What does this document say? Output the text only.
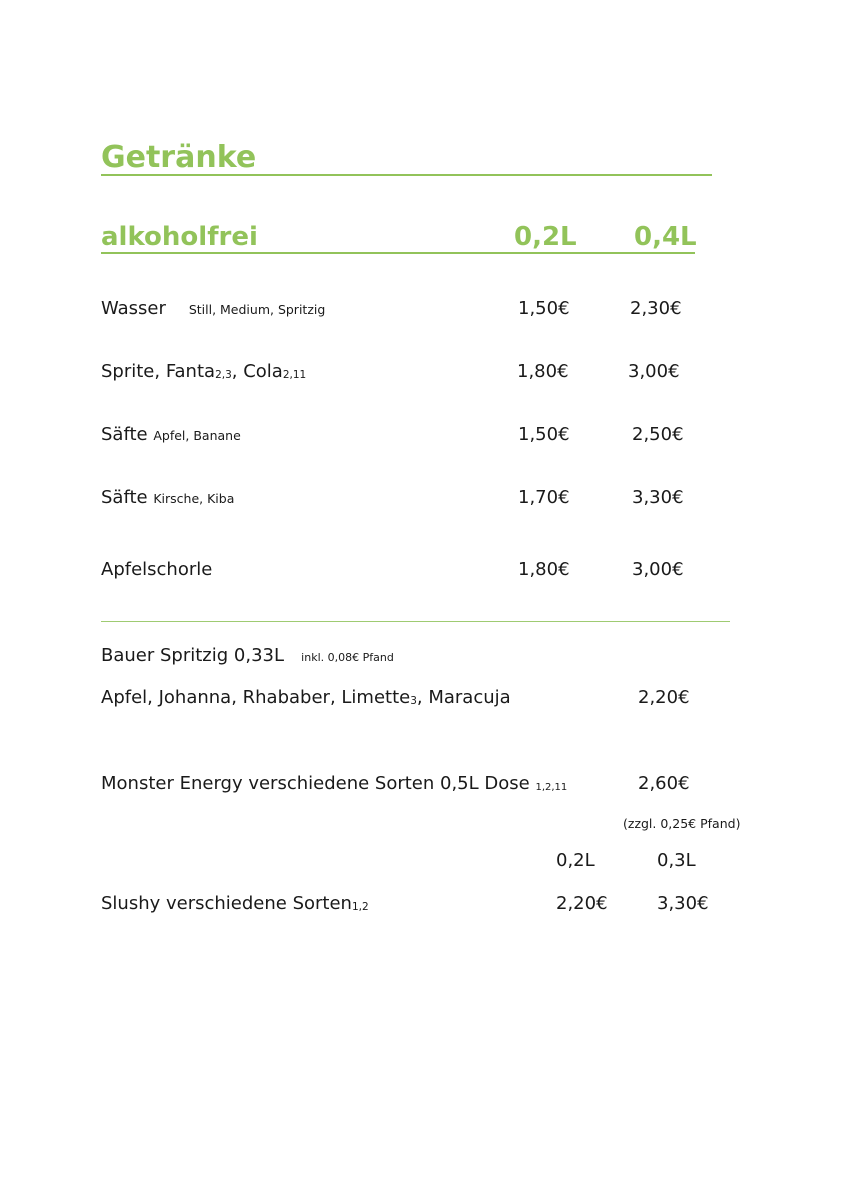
Getränke
alkoholfrei	0,2L 0,4L
Wasser Still, Medium, Spritzig	1,50€	2,30€
Sprite, Fanta2,3, Cola2,11	1,80€	3,00€
Säfte Apfel, Banane	1,50€	2,50€
Säfte Kirsche, Kiba	1,70€	3,30€
Apfelschorle	1,80€	3,00€
Bauer Spritzig 0,33L inkl. 0,08€ Pfand
Apfel, Johanna, Rhababer, Limette3, Maracuja	2,20€
Monster Energy verschiedene Sorten 0,5L Dose 1,2,11	2,60€
(zzgl. 0,25€ Pfand)
0,2L	0,3L
Slushy verschiedene Sorten1,2	2,20€	3,30€
